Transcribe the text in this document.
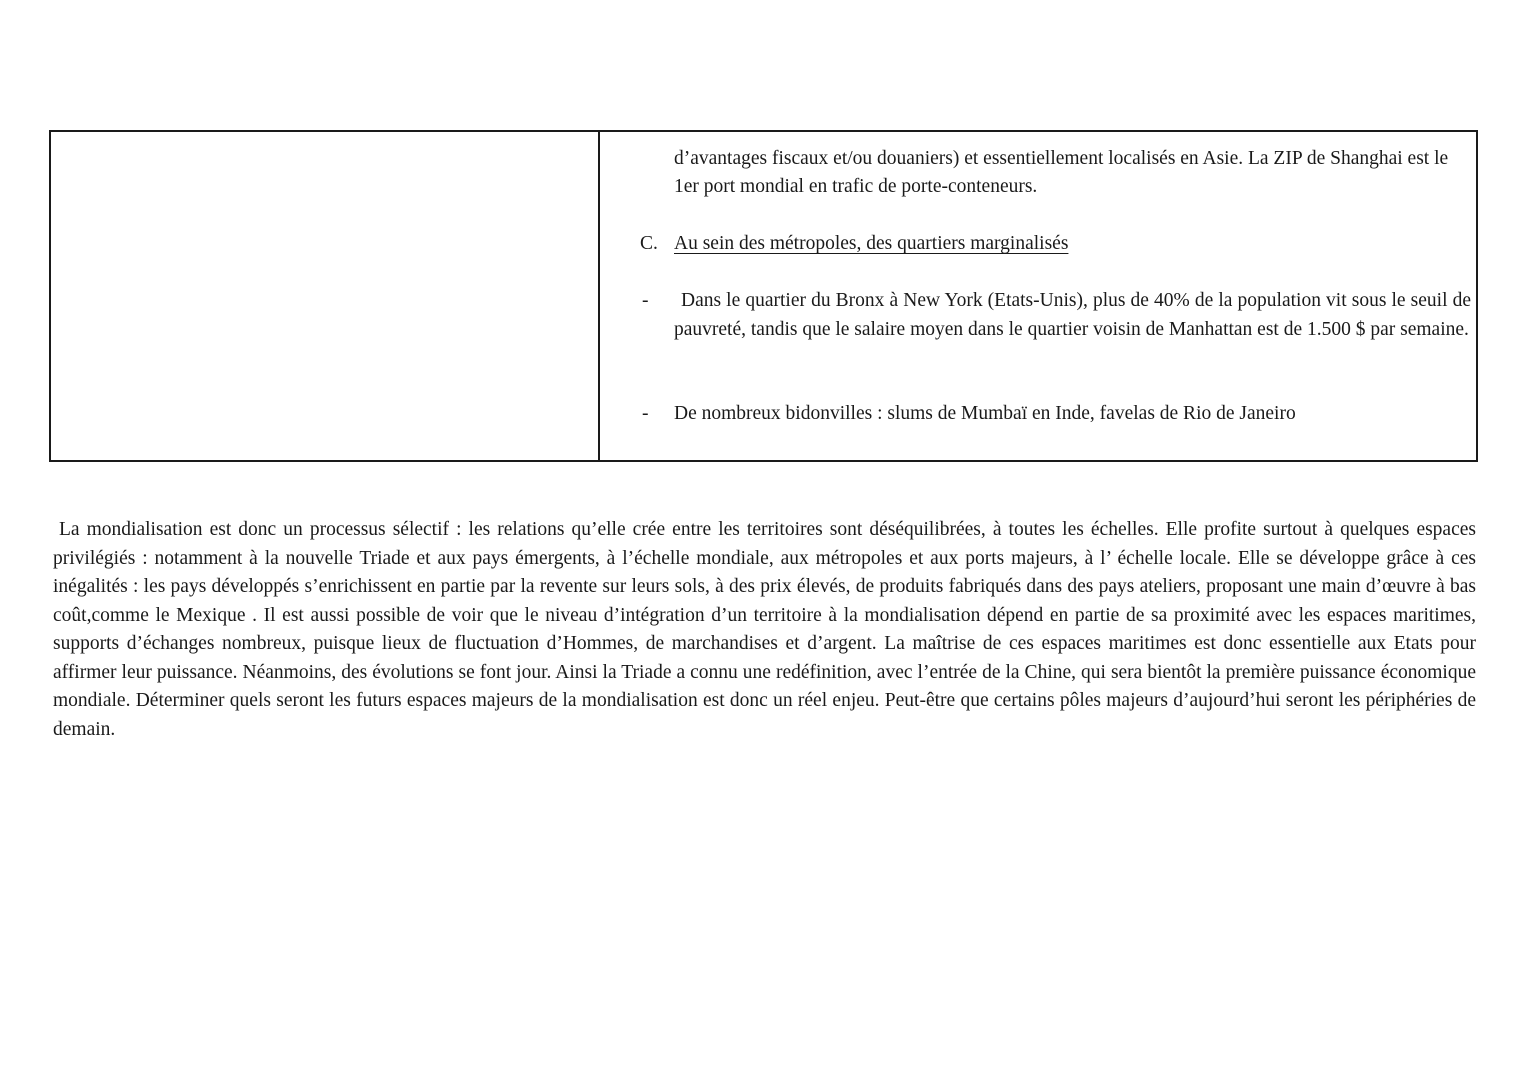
d’avantages fiscaux et/ou douaniers) et essentiellement localisés en Asie. La ZIP de Shanghai est le
1er port mondial en trafic de porte-conteneurs.
C. Au sein des métropoles, des quartiers marginalisés
-	Dans le quartier du Bronx à New York (Etats-Unis), plus de 40% de la population vit sous le seuil de pauvreté, tandis que le salaire moyen dans le quartier voisin de Manhattan est de 1.500 $ par semaine.
- De nombreux bidonvilles : slums de Mumbaï en Inde, favelas de Rio de Janeiro

La mondialisation est donc un processus sélectif : les relations qu’elle crée entre les territoires sont déséquilibrées, à toutes les échelles. Elle profite surtout à quelques espaces privilégiés : notamment à la nouvelle Triade et aux pays émergents, à l’échelle mondiale, aux métropoles et aux ports majeurs, à l’ échelle locale. Elle se développe grâce à ces inégalités : les pays développés s’enrichissent en partie par la revente sur leurs sols, à des prix élevés, de produits fabriqués dans des pays ateliers, proposant une main d’œuvre à bas coût,comme le Mexique . Il est aussi possible de voir que le niveau d’intégration d’un territoire à la mondialisation dépend en partie de sa proximité avec les espaces maritimes, supports d’échanges nombreux, puisque lieux de fluctuation d’Hommes, de marchandises et d’argent. La maîtrise de ces espaces maritimes est donc essentielle aux Etats pour affirmer leur puissance. Néanmoins, des évolutions se font jour. Ainsi la Triade a connu une redéfinition, avec l’entrée de la Chine, qui sera bientôt la première puissance économique mondiale. Déterminer quels seront les futurs espaces majeurs de la mondialisation est donc un réel enjeu. Peut-être que certains pôles majeurs d’aujourd’hui seront les périphéries de demain.
